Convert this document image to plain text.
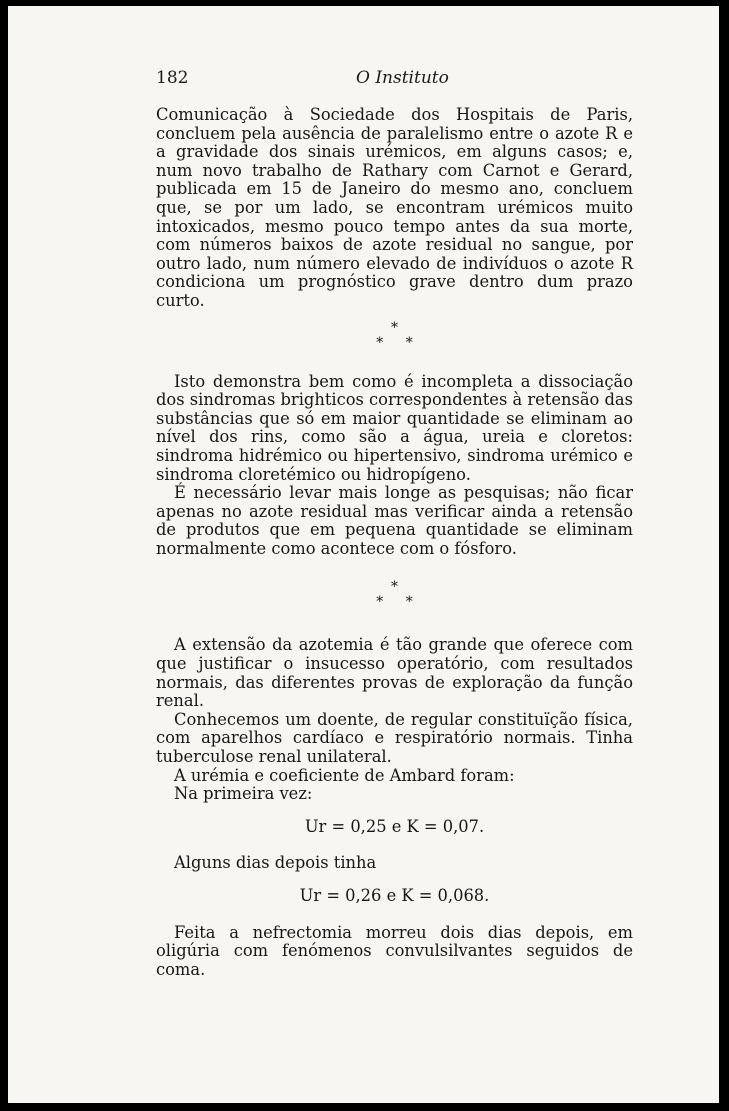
182	O Instituto

Comunicação à Sociedade dos Hospitais de Paris, concluem pela ausência de paralelismo entre o azote R e a gravidade dos sinais urémicos, em alguns casos; e, num novo trabalho de Rathary com Carnot e Gerard, publicada em 15 de Janeiro do mesmo ano, concluem que, se por um lado, se encontram urémicos muito intoxicados, mesmo pouco tempo antes da sua morte, com números baixos de azote residual no sangue, por outro lado, num número elevado de indivíduos o azote R condiciona um prognóstico grave dentro dum prazo curto.

*
* *

Isto demonstra bem como é incompleta a dissociação dos sindromas brighticos correspondentes à retensão das substâncias que só em maior quantidade se eliminam ao nível dos rins, como são a água, ureia e cloretos: sindroma hidrémico ou hipertensivo, sindroma urémico e sindroma cloretémico ou hidropígeno.

É necessário levar mais longe as pesquisas; não ficar apenas no azote residual mas verificar ainda a retensão de produtos que em pequena quantidade se eliminam normalmente como acontece com o fósforo.

*
* *

A extensão da azotemia é tão grande que oferece com que justificar o insucesso operatório, com resultados normais, das diferentes provas de exploração da função renal.

Conhecemos um doente, de regular constituïção física, com aparelhos cardíaco e respiratório normais. Tinha tuberculose renal unilateral.

A urémia e coeficiente de Ambard foram:

Na primeira vez:

Ur = 0,25 e K = 0,07.

Alguns dias depois tinha

Ur = 0,26 e K = 0,068.

Feita a nefrectomia morreu dois dias depois, em oligúria com fenómenos convulsilvantes seguidos de coma.
